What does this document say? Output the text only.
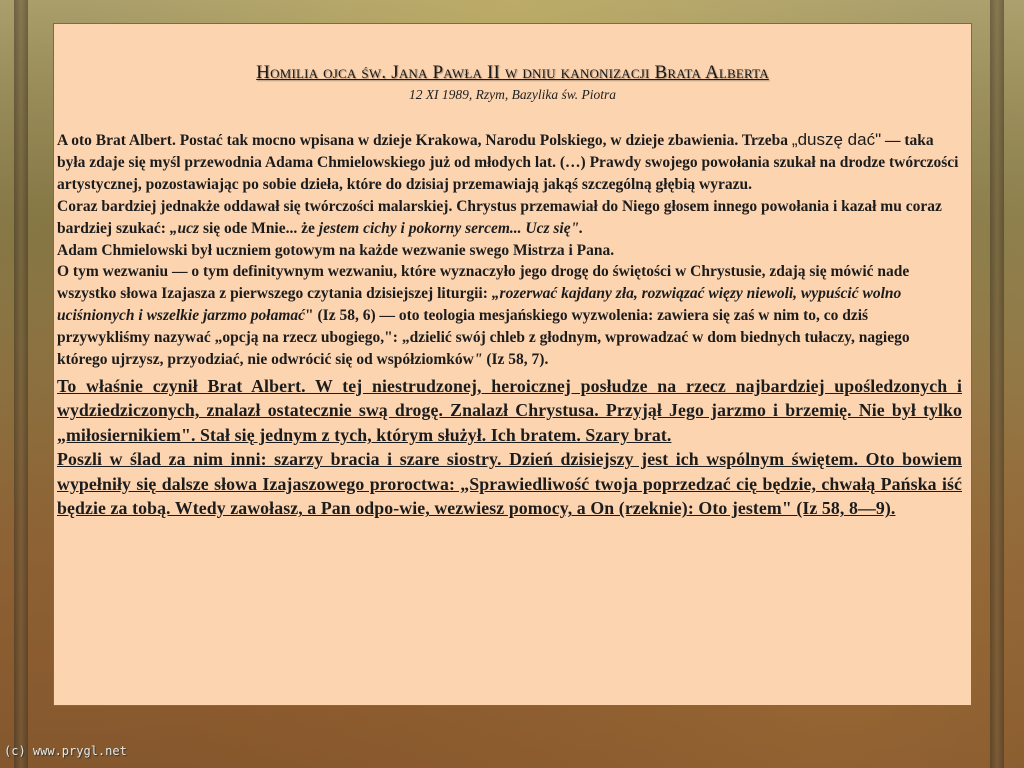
Homilia ojca św. Jana Pawła II w dniu kanonizacji Brata Alberta
12 XI 1989, Rzym, Bazylika św. Piotra

A oto Brat Albert. Postać tak mocno wpisana w dzieje Krakowa, Narodu Polskiego, w dzieje zbawienia. Trzeba „duszę dać" — taka była zdaje się myśl przewodnia Adama Chmielowskiego już od młodych lat. (…) Prawdy swojego powołania szukał na drodze twórczości artystycznej, pozostawiając po sobie dzieła, które do dzisiaj przemawiają jakąś szczególną głębią wyrazu.

Coraz bardziej jednakże oddawał się twórczości malarskiej. Chrystus przemawiał do Niego głosem innego powołania i kazał mu coraz bardziej szukać: „ucz się ode Mnie... że jestem cichy i pokorny sercem... Ucz się".

Adam Chmielowski był uczniem gotowym na każde wezwanie swego Mistrza i Pana.

O tym wezwaniu — o tym definitywnym wezwaniu, które wyznaczyło jego drogę do świętości w Chrystusie, zdają się mówić nade wszystko słowa Izajasza z pierwszego czytania dzisiejszej liturgii: „rozerwać kajdany zła, rozwiązać więzy niewoli, wypuścić wolno uciśnionych i wszelkie jarzmo połamać" (Iz 58, 6) — oto teologia mesjańskiego wyzwolenia: zawiera się zaś w nim to, co dziś przywykliśmy nazywać „opcją na rzecz ubogiego,": „dzielić swój chleb z głodnym, wprowadzać w dom biednych tułaczy, nagiego którego ujrzysz, przyodziać, nie odwrócić się od współziomków" (Iz 58, 7).

To właśnie czynił Brat Albert. W tej niestrudzonej, heroicznej posłudze na rzecz najbardziej upośledzonych i wydziedziczonych, znalazł ostatecznie swą drogę. Znalazł Chrystusa. Przyjął Jego jarzmo i brzemię. Nie był tylko „miłosiernikiem". Stał się jednym z tych, którym służył. Ich bratem. Szary brat.

Poszli w ślad za nim inni: szarzy bracia i szare siostry. Dzień dzisiejszy jest ich wspólnym świętem. Oto bowiem wypełniły się dalsze słowa Izajaszowego proroctwa: „Sprawiedliwość twoja poprzedzać cię będzie, chwałą Pańska iść będzie za tobą. Wtedy zawołasz, a Pan odpo-wie, wezwiesz pomocy, a On (rzeknie): Oto jestem" (Iz 58, 8—9).

(c) www.prygl.net
